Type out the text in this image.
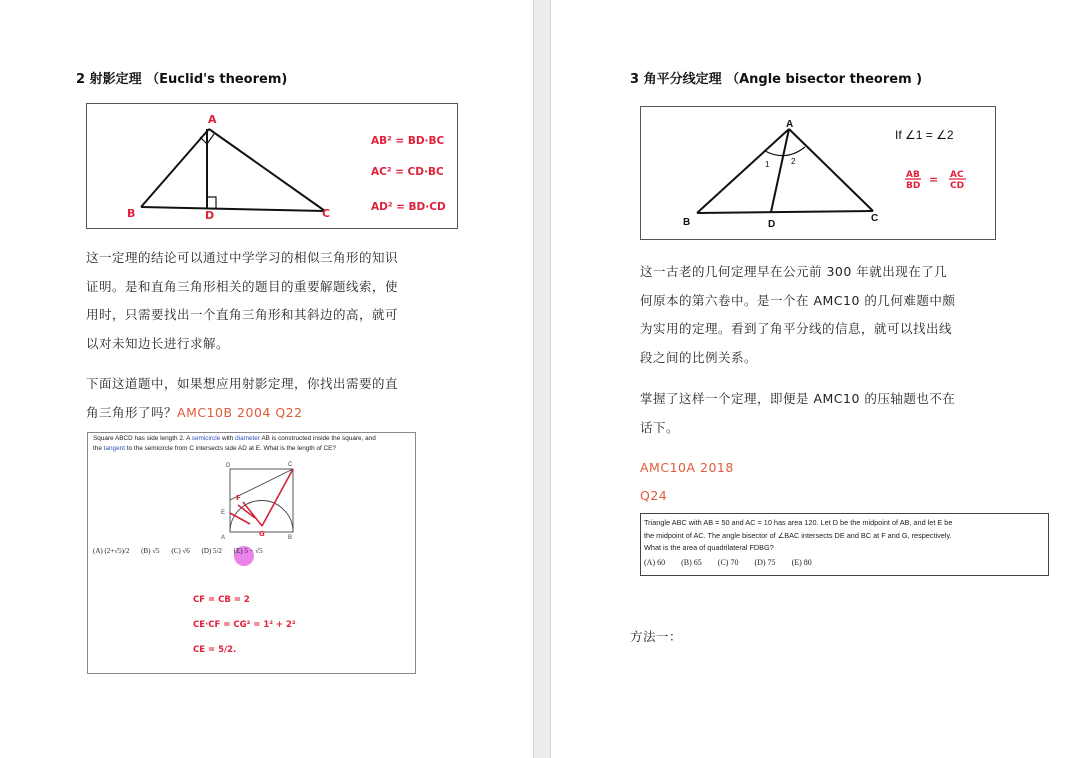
2 射影定理 （Euclid's theorem)
A
B	D	C
AB² = BD·BC
AC² = CD·BC
AD² = BD·CD
这一定理的结论可以通过中学学习的相似三角形的知识
证明。是和直角三角形相关的题目的重要解题线索，使
用时，只需要找出一个直角三角形和其斜边的高，就可
以对未知边长进行求解。
下面这道题中，如果想应用射影定理，你找出需要的直
角三角形了吗？AMC10B 2004 Q22
Square ABCD has side length 2. A semicircle with diameter AB is constructed inside the square, and
the tangent to the semicircle from C intersects side AD at E. What is the length of CE?
D	C
E
A	B
F
G
(A) (2+√5)/2 (B) √5 (C) √6 (D) 5/2 (E) 5 − √5
CF = CB = 2
CE·CF = CG² = 1² + 2²
CE = 5/2.
3 角平分线定理 （Angle bisector theorem )
A
B	D
C
1	2
If ∠1 = ∠2
AB
BD = AC
CD
这一古老的几何定理早在公元前 300 年就出现在了几
何原本的第六卷中。是一个在 AMC10 的几何难题中颇
为实用的定理。看到了角平分线的信息，就可以找出线
段之间的比例关系。
掌握了这样一个定理，即便是 AMC10 的压轴题也不在
话下。
AMC10A 2018
Q24
Triangle ABC with AB = 50 and AC = 10 has area 120. Let D be the midpoint of AB, and let E be
the midpoint of AC. The angle bisector of ∠BAC intersects DE and BC at F and G, respectively.
What is the area of quadrilateral FDBG?
(A) 60 (B) 65 (C) 70 (D) 75 (E) 80
方法一：
